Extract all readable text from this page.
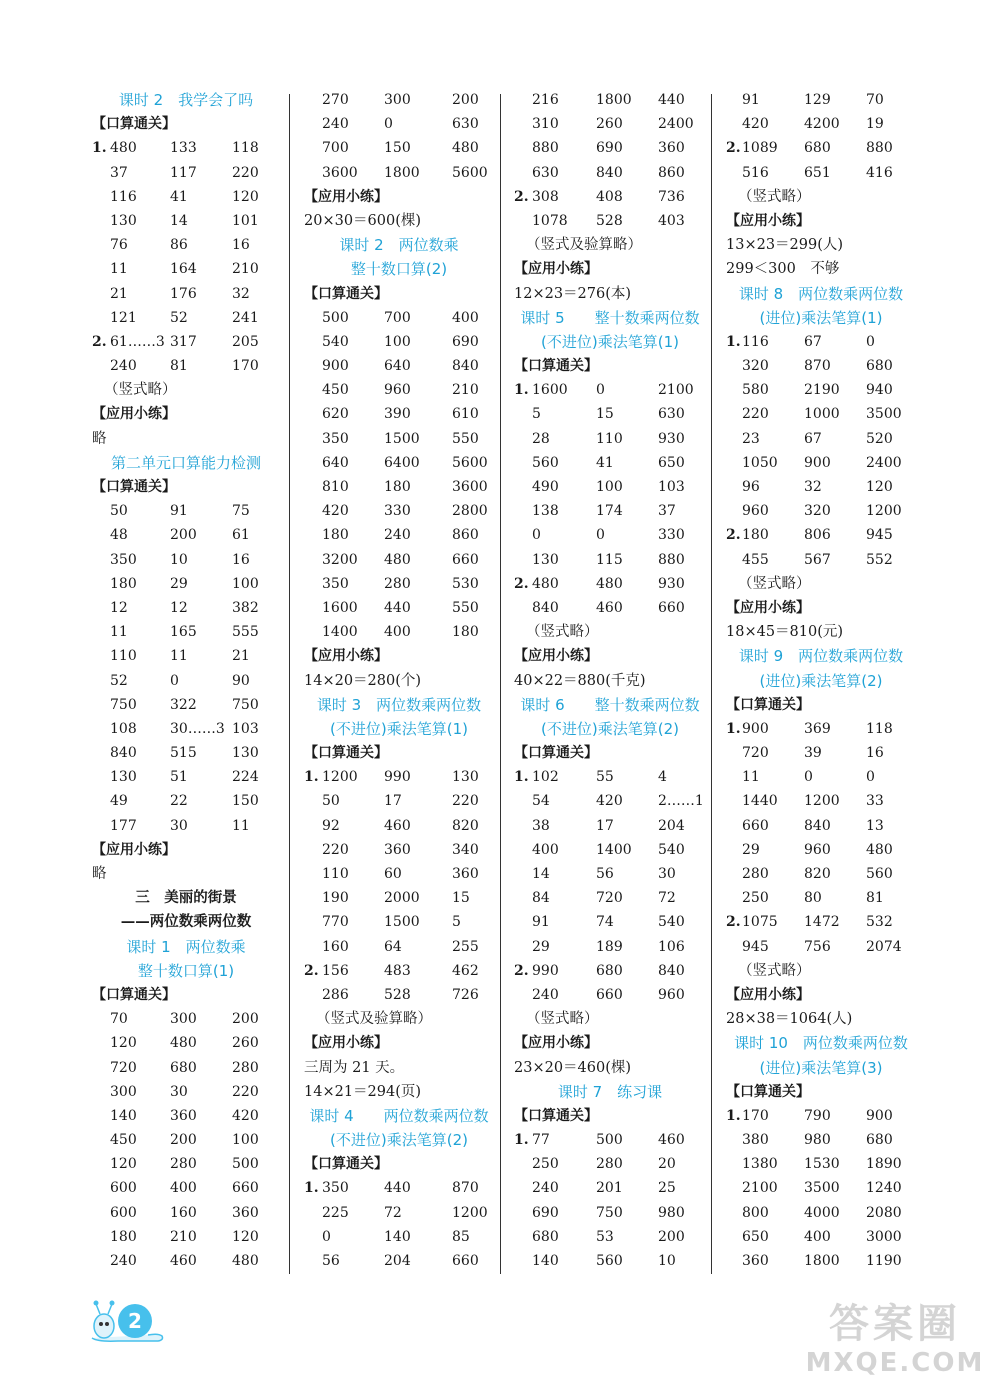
课时 2　我学会了吗
【口算通关】
1. 480 133	118
37	117	220
116 41	120
130 14	101
76	86	16
11	164	210
21	176	32
121 52	241
2. 61……3 317	205
240 81	170
（竖式略）
【应用小练】
略
第二单元口算能力检测
【口算通关】
50	91	75
48	200	61
350 10	16
180 29	100
12	12	382
11	165	555
110 11	21
52	0	90
750 322	750
108 30……3 103
840 515	130
130 51	224
49	22	150
177 30	11
【应用小练】
略
三　美丽的街景
——两位数乘两位数
课时 1　两位数乘
整十数口算(1)
【口算通关】
70	300	200
120 480	260
720 680	280
300 30	220
140 360	420
450 200	100
120 280	500
600 400	660
600 160	360
180 210	120
240 460	480
270	300	200
240	0	630
700	150	480
3600 1800 5600
【应用小练】
20×30＝600(棵)
课时 2　两位数乘
整十数口算(2)
【口算通关】
500	700	400
540	100	690
900	640	840
450	960	210
620	390	610
350	1500 550
640	6400 5600
810	180	3600
420	330	2800
180	240	860
3200 480	660
350	280	530
1600 440	550
1400 400	180
【应用小练】
14×20＝280(个)
课时 3　两位数乘两位数
(不进位)乘法笔算(1)
【口算通关】
1. 1200 990	130
50	17	220
92	460	820
220	360	340
110	60	360
190	2000 15
770	1500 5
160	64	255
2. 156	483	462
286	528	726
（竖式及验算略）
【应用小练】
三周为 21 天。
14×21＝294(页)
课时 4　　两位数乘两位数
(不进位)乘法笔算(2)
【口算通关】
1. 350	440	870
225	72	1200
0	140	85
56	204	660
216	1800 440
310	260	2400
880	690	360
630	840	860
2. 308	408	736
1078 528	403
（竖式及验算略）
【应用小练】
12×23＝276(本)
课时 5　　整十数乘两位数
(不进位)乘法笔算(1)
【口算通关】
1. 1600 0	2100
5	15	630
28	110	930
560	41	650
490	100	103
138	174	37
0	0	330
130	115	880
2. 480	480	930
840	460	660
（竖式略）
【应用小练】
40×22＝880(千克)
课时 6　　整十数乘两位数
(不进位)乘法笔算(2)
【口算通关】
1. 102	55	4
54	420	2……1
38	17	204
400	1400 540
14	56	30
84	720	72
91	74	540
29	189	106
2. 990	680	840
240	660	960
（竖式略）
【应用小练】
23×20＝460(棵)
课时 7　练习课
【口算通关】
1. 77	500	460
250	280	20
240	201	25
690	750	980
680	53	200
140	560	10
91	129	70
420	4200 19
2. 1089 680	880
516	651	416
（竖式略）
【应用小练】
13×23＝299(人)
299＜300　不够
课时 8　两位数乘两位数
(进位)乘法笔算(1)
1. 116	67	0
320	870	680
580	2190 940
220	1000 3500
23	67	520
1050 900	2400
96	32	120
960	320	1200
2. 180	806	945
455	567	552
（竖式略）
【应用小练】
18×45＝810(元)
课时 9　两位数乘两位数
(进位)乘法笔算(2)
【口算通关】
1. 900	369	118
720	39	16
11	0	0
1440 1200 33
660	840	13
29	960	480
280	820	560
250	80	81
2. 1075 1472 532
945	756	2074
（竖式略）
【应用小练】
28×38＝1064(人)
课时 10　两位数乘两位数
(进位)乘法笔算(3)
【口算通关】
1. 170	790	900
380	980	680
1380 1530 1890
2100 3500 1240
800	4000 2080
650	400	3000
360	1800 1190
2	答案圈
MXQE.COM
